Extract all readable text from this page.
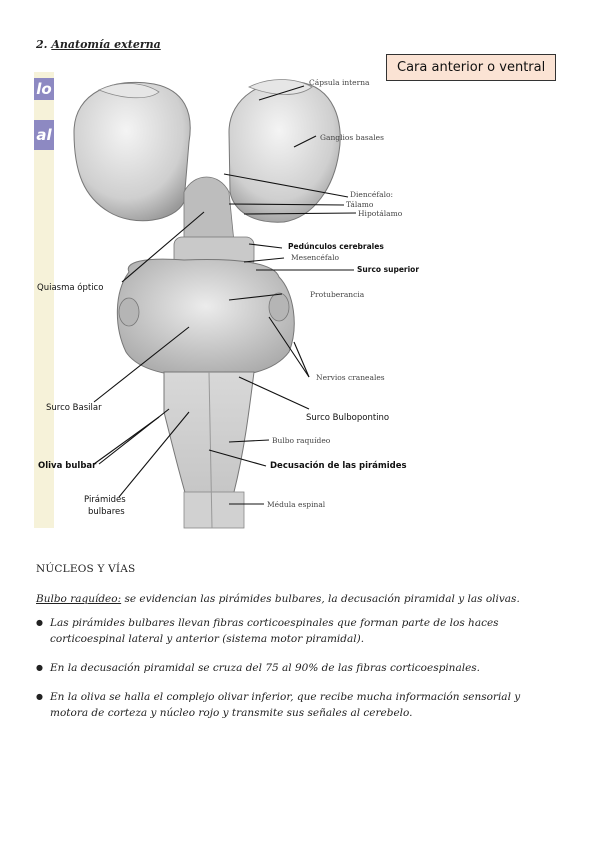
2. Anatomía externa
lo
al
Cara anterior o ventral
Cápsula interna
Ganglios basales
Diencéfalo:
Tálamo
Hipotálamo
Pedúnculos cerebrales
Mesencéfalo
Surco superior
Quiasma óptico
Protuberancia
Nervios craneales
Surco Basilar
Surco Bulbopontino
Bulbo raquídeo
Oliva bulbar	Decusación de las pirámides
Pirámides
bulbares
Médula espinal
NÚCLEOS Y VÍAS
Bulbo raquídeo: se evidencian las pirámides bulbares, la decusación piramidal y las olivas.
● Las pirámides bulbares llevan fibras corticoespinales que forman parte de los haces corticoespinal lateral y anterior (sistema motor piramidal).
● En la decusación piramidal se cruza del 75 al 90% de las fibras corticoespinales.
● En la oliva se halla el complejo olivar inferior, que recibe mucha información sensorial y motora de corteza y núcleo rojo y transmite sus señales al cerebelo.
